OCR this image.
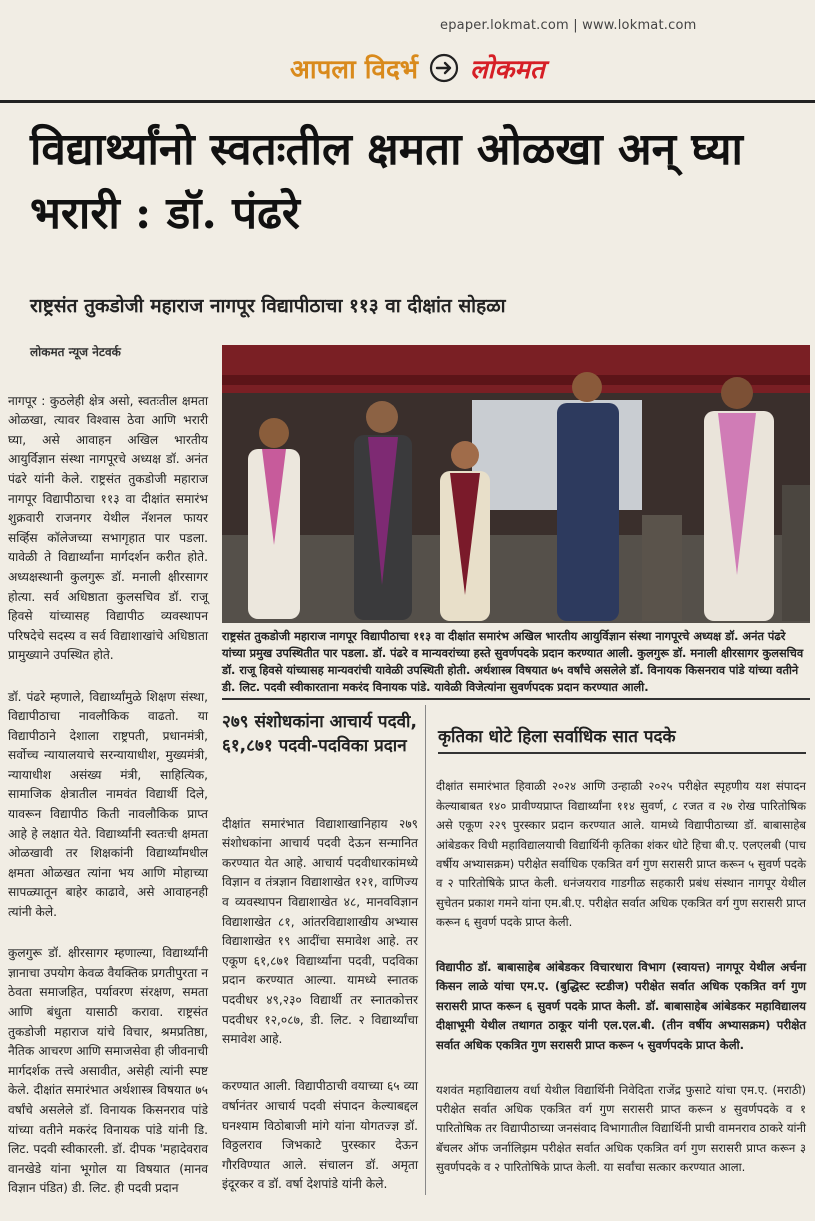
epaper.lokmat.com | www.lokmat.com
आपला विदर्भ लोकमत
विद्यार्थ्यांनो स्वतःतील क्षमता ओळखा अन् घ्या भरारी : डॉ. पंढरे
राष्ट्रसंत तुकडोजी महाराज नागपूर विद्यापीठाचा ११३ वा दीक्षांत सोहळा
लोकमत न्यूज नेटवर्क

नागपूर : कुठलेही क्षेत्र असो, स्वतःतील क्षमता ओळखा, त्यावर विश्वास ठेवा आणि भरारी घ्या, असे आवाहन अखिल भारतीय आयुर्विज्ञान संस्था नागपूरचे अध्यक्ष डॉ. अनंत पंढरे यांनी केले. राष्ट्रसंत तुकडोजी महाराज नागपूर विद्यापीठाचा ११३ वा दीक्षांत समारंभ शुक्रवारी राजनगर येथील नॅशनल फायर सर्व्हिस कॉलेजच्या सभागृहात पार पडला. यावेळी ते विद्यार्थ्यांना मार्गदर्शन करीत होते. अध्यक्षस्थानी कुलगुरू डॉ. मनाली क्षीरसागर होत्या. सर्व अधिष्ठाता कुलसचिव डॉ. राजू हिवसे यांच्यासह विद्यापीठ व्यवस्थापन परिषदेचे सदस्य व सर्व विद्याशाखांचे अधिष्ठाता प्रामुख्याने उपस्थित होते.

डॉ. पंढरे म्हणाले, विद्यार्थ्यांमुळे शिक्षण संस्था, विद्यापीठाचा नावलौकिक वाढतो. या विद्यापीठाने देशाला राष्ट्रपती, प्रधानमंत्री, सर्वोच्च न्यायालयाचे सरन्यायाधीश, मुख्यमंत्री, न्यायाधीश असंख्य मंत्री, साहित्यिक, सामाजिक क्षेत्रातील नामवंत विद्यार्थी दिले, यावरून विद्यापीठ किती नावलौकिक प्राप्त आहे हे लक्षात येते. विद्यार्थ्यांनी स्वतःची क्षमता ओळखावी तर शिक्षकांनी विद्यार्थ्यांमधील क्षमता ओळखत त्यांना भय आणि मोहाच्या सापळ्यातून बाहेर काढावे, असे आवाहनही त्यांनी केले.

कुलगुरू डॉ. क्षीरसागर म्हणाल्या, विद्यार्थ्यांनी ज्ञानाचा उपयोग केवळ वैयक्तिक प्रगतीपुरता न ठेवता समाजहित, पर्यावरण संरक्षण, समता आणि बंधुता यासाठी करावा. राष्ट्रसंत तुकडोजी महाराज यांचे विचार, श्रमप्रतिष्ठा, नैतिक आचरण आणि समाजसेवा ही जीवनाची मार्गदर्शक तत्त्वे असावीत, असेही त्यांनी स्पष्ट केले. दीक्षांत समारंभात अर्थशास्त्र विषयात ७५ वर्षांचे असलेले डॉ. विनायक किसनराव पांडे यांच्या वतीने मकरंद विनायक पांडे यांनी डि. लिट. पदवी स्वीकारली. डॉ. दीपक 'महादेवराव वानखेडे यांना भूगोल या विषयात (मानव विज्ञान पंडित) डी. लिट. ही पदवी प्रदान

राष्ट्रसंत तुकडोजी महाराज नागपूर विद्यापीठाचा ११३ वा दीक्षांत समारंभ अखिल भारतीय आयुर्विज्ञान संस्था नागपूरचे अध्यक्ष डॉ. अनंत पंढरे यांच्या प्रमुख उपस्थितीत पार पडला. डॉ. पंढरे व मान्यवरांच्या हस्ते सुवर्णपदके प्रदान करण्यात आली. कुलगुरू डॉ. मनाली क्षीरसागर कुलसचिव डॉ. राजू हिवसे यांच्यासह मान्यवरांची यावेळी उपस्थिती होती. अर्थशास्त्र विषयात ७५ वर्षांचे असलेले डॉ. विनायक किसनराव पांडे यांच्या वतीने डी. लिट. पदवी स्वीकारताना मकरंद विनायक पांडे. यावेळी विजेत्यांना सुवर्णपदक प्रदान करण्यात आली.
२७९ संशोधकांना आचार्य पदवी, ६१,८७१ पदवी-पदविका प्रदान

दीक्षांत समारंभात विद्याशाखानिहाय २७९ संशोधकांना आचार्य पदवी देऊन सन्मानित करण्यात येत आहे. आचार्य पदवीधारकांमध्ये विज्ञान व तंत्रज्ञान विद्याशाखेत १२१, वाणिज्य व व्यवस्थापन विद्याशाखेत ४८, मानवविज्ञान विद्याशाखेत ८१, आंतरविद्याशाखीय अभ्यास विद्याशाखेत १९ आदींचा समावेश आहे. तर एकूण ६१,८७१ विद्यार्थ्यांना पदवी, पदविका प्रदान करण्यात आल्या. यामध्ये स्नातक पदवीधर ४९,२३० विद्यार्थी तर स्नातकोत्तर पदवीधर १२,०८७, डी. लिट. २ विद्यार्थ्यांचा समावेश आहे.

करण्यात आली. विद्यापीठाची वयाच्या ६५ व्या वर्षानंतर आचार्य पदवी संपादन केल्याबद्दल घनश्याम विठोबाजी मांगे यांना योगतज्ज्ञ डॉ. विठ्ठलराव जिभकाटे पुरस्कार देऊन गौरविण्यात आले. संचालन डॉ. अमृता इंदूरकर व डॉ. वर्षा देशपांडे यांनी केले.

कृतिका धोटे हिला सर्वाधिक सात पदके

दीक्षांत समारंभात हिवाळी २०२४ आणि उन्हाळी २०२५ परीक्षेत स्पृहणीय यश संपादन केल्याबाबत १४० प्रावीण्यप्राप्त विद्यार्थ्यांना ११४ सुवर्ण, ८ रजत व २७ रोख पारितोषिक असे एकूण २२९ पुरस्कार प्रदान करण्यात आले. यामध्ये विद्यापीठाच्या डॉ. बाबासाहेब आंबेडकर विधी महाविद्यालयाची विद्यार्थिनी कृतिका शंकर धोटे हिचा बी.ए. एलएलबी (पाच वर्षीय अभ्यासक्रम) परीक्षेत सर्वाधिक एकत्रित वर्ग गुण सरासरी प्राप्त करून ५ सुवर्ण पदके व २ पारितोषिके प्राप्त केली. धनंजयराव गाडगीळ सहकारी प्रबंध संस्थान नागपूर येथील सुचेतन प्रकाश गमने यांना एम.बी.ए. परीक्षेत सर्वात अधिक एकत्रित वर्ग गुण सरासरी प्राप्त करून ६ सुवर्ण पदके प्राप्त केली.

विद्यापीठ डॉ. बाबासाहेब आंबेडकर विचारधारा विभाग (स्वायत्त) नागपूर येथील अर्चना किसन लाळे यांचा एम.ए. (बुद्धिस्ट स्टडीज) परीक्षेत सर्वात अधिक एकत्रित वर्ग गुण सरासरी प्राप्त करून ६ सुवर्ण पदके प्राप्त केली. डॉ. बाबासाहेब आंबेडकर महाविद्यालय दीक्षाभूमी येथील तथागत ठाकूर यांनी एल.एल.बी. (तीन वर्षीय अभ्यासक्रम) परीक्षेत सर्वात अधिक एकत्रित गुण सरासरी प्राप्त करून ५ सुवर्णपदके प्राप्त केली.

यशवंत महाविद्यालय वर्धा येथील विद्यार्थिनी निवेदिता राजेंद्र फुसाटे यांचा एम.ए. (मराठी) परीक्षेत सर्वात अधिक एकत्रित वर्ग गुण सरासरी प्राप्त करून ४ सुवर्णपदके व १ पारितोषिक तर विद्यापीठाच्या जनसंवाद विभागातील विद्यार्थिनी प्राची वामनराव ठाकरे यांनी बॅचलर ऑफ जर्नालिझम परीक्षेत सर्वात अधिक एकत्रित वर्ग गुण सरासरी प्राप्त करून ३ सुवर्णपदके व २ पारितोषिके प्राप्त केली. या सर्वांचा सत्कार करण्यात आला.
